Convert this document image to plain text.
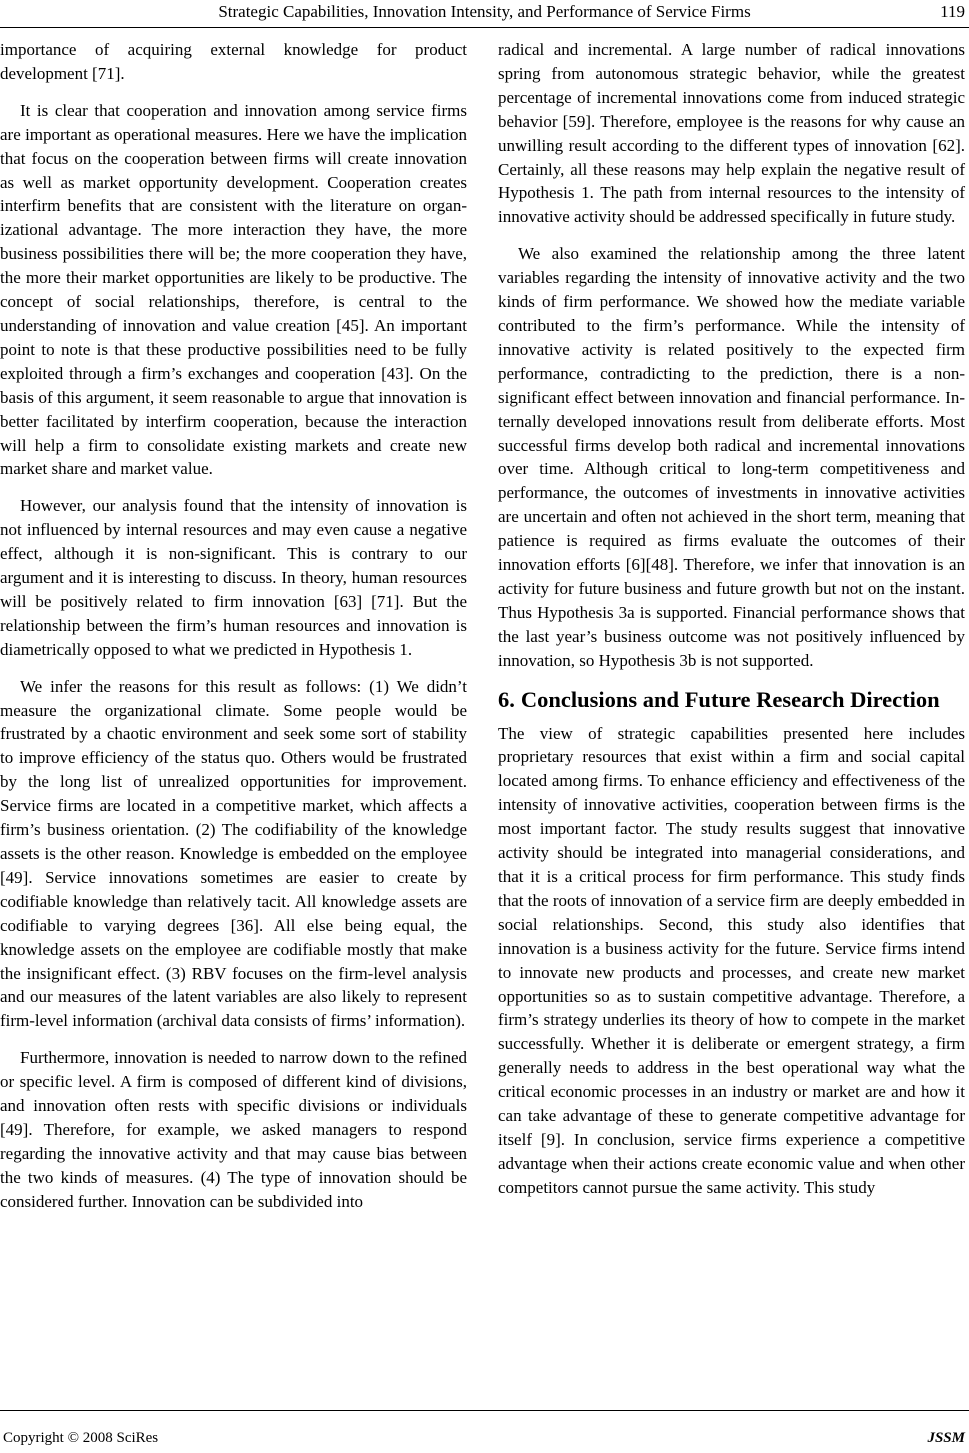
Strategic Capabilities, Innovation Intensity, and Performance of Service Firms	119

importance of acquiring external knowledge for product development [71].

It is clear that cooperation and innovation among service firms are important as operational measures. Here we have the implication that focus on the cooperation between firms will create innovation as well as market opportunity development. Cooperation creates interfirm benefits that are consistent with the literature on organizational advantage. The more interaction they have, the more business possibilities there will be; the more cooperation they have, the more their market opportunities are likely to be productive. The concept of social relationships, therefore, is central to the understanding of innovation and value creation [45]. An important point to note is that these productive possibilities need to be fully exploited through a firm’s exchanges and cooperation [43]. On the basis of this argument, it seem reasonable to argue that innovation is better facilitated by interfirm cooperation, because the interaction will help a firm to consolidate existing markets and create new market share and market value.

However, our analysis found that the intensity of innovation is not influenced by internal resources and may even cause a negative effect, although it is non-significant. This is contrary to our argument and it is interesting to discuss. In theory, human resources will be positively related to firm innovation [63] [71]. But the relationship between the firm’s human resources and innovation is diametrically opposed to what we predicted in Hypothesis 1.

We infer the reasons for this result as follows: (1) We didn’t measure the organizational climate. Some people would be frustrated by a chaotic environment and seek some sort of stability to improve efficiency of the status quo. Others would be frustrated by the long list of unrealized opportunities for improvement. Service firms are located in a competitive market, which affects a firm’s business orientation. (2) The codifiability of the knowledge assets is the other reason. Knowledge is embedded on the employee [49]. Service innovations sometimes are easier to create by codifiable knowledge than relatively tacit. All knowledge assets are codifiable to varying degrees [36]. All else being equal, the knowledge assets on the employee are codifiable mostly that make the insignificant effect. (3) RBV focuses on the firm-level analysis and our measures of the latent variables are also likely to represent firm-level information (archival data consists of firms’ information).

Furthermore, innovation is needed to narrow down to the refined or specific level. A firm is composed of different kind of divisions, and innovation often rests with specific divisions or individuals [49]. Therefore, for example, we asked managers to respond regarding the innovative activity and that may cause bias between the two kinds of measures. (4) The type of innovation should be considered further. Innovation can be subdivided into

radical and incremental. A large number of radical innovations spring from autonomous strategic behavior, while the greatest percentage of incremental innovations come from induced strategic behavior [59]. Therefore, employee is the reasons for why cause an unwilling result according to the different types of innovation [62]. Certainly, all these reasons may help explain the negative result of Hypothesis 1. The path from internal resources to the intensity of innovative activity should be addressed specifically in future study.

We also examined the relationship among the three latent variables regarding the intensity of innovative activity and the two kinds of firm performance. We showed how the mediate variable contributed to the firm’s performance. While the intensity of innovative activity is related positively to the expected firm performance, contradicting to the prediction, there is a non-significant effect between innovation and financial performance. Internally developed innovations result from deliberate efforts. Most successful firms develop both radical and incremental innovations over time. Although critical to long-term competitiveness and performance, the outcomes of investments in innovative activities are uncertain and often not achieved in the short term, meaning that patience is required as firms evaluate the outcomes of their innovation efforts [6][48]. Therefore, we infer that innovation is an activity for future business and future growth but not on the instant. Thus Hypothesis 3a is supported. Financial performance shows that the last year’s business outcome was not positively influenced by innovation, so Hypothesis 3b is not supported.

6. Conclusions and Future Research Direction

The view of strategic capabilities presented here includes proprietary resources that exist within a firm and social capital located among firms. To enhance efficiency and effectiveness of the intensity of innovative activities, cooperation between firms is the most important factor. The study results suggest that innovative activity should be integrated into managerial considerations, and that it is a critical process for firm performance. This study finds that the roots of innovation of a service firm are deeply embedded in social relationships. Second, this study also identifies that innovation is a business activity for the future. Service firms intend to innovate new products and processes, and create new market opportunities so as to sustain competitive advantage. Therefore, a firm’s strategy underlies its theory of how to compete in the market successfully. Whether it is deliberate or emergent strategy, a firm generally needs to address in the best operational way what the critical economic processes in an industry or market are and how it can take advantage of these to generate competitive advantage for itself [9]. In conclusion, service firms experience a competitive advantage when their actions create economic value and when other competitors cannot pursue the same activity. This study

Copyright © 2008 SciRes	JSSM
